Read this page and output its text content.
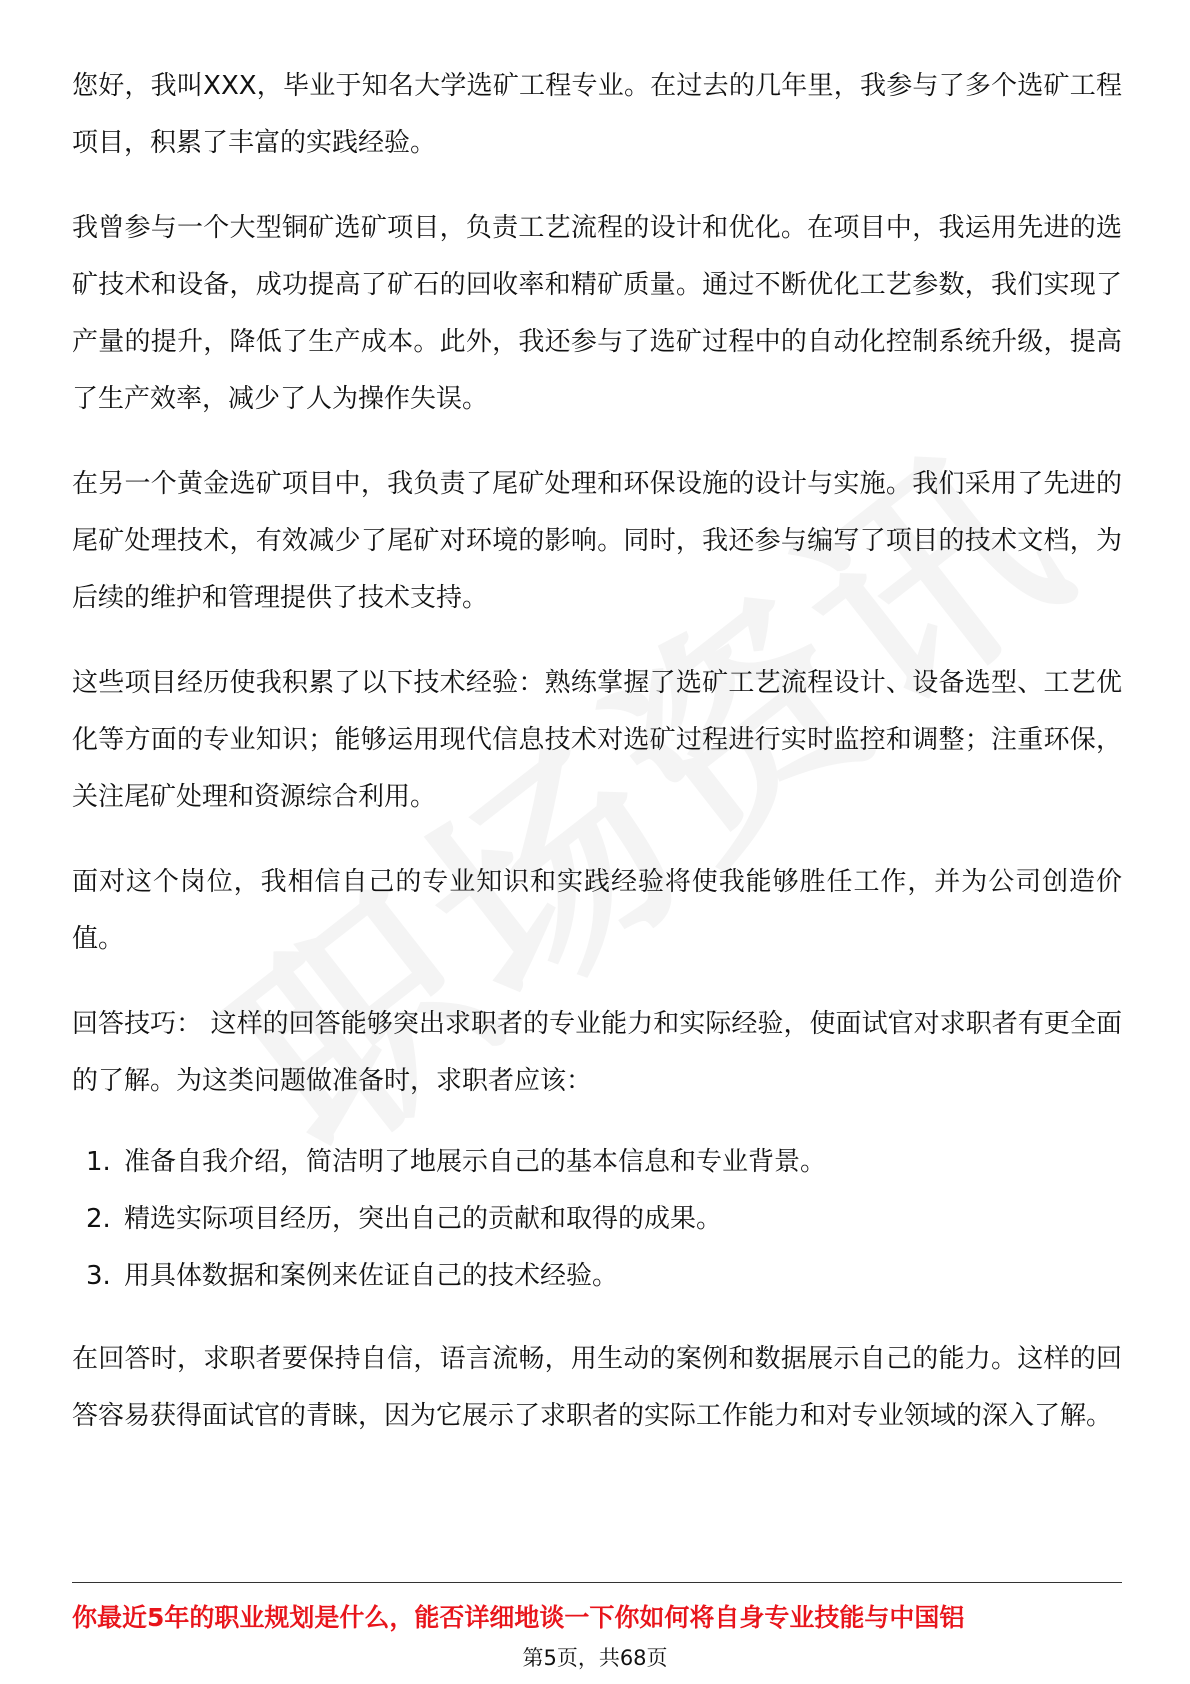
您好，我叫XXX，毕业于知名大学选矿工程专业。在过去的几年里，我参与了多个选矿工程项目，积累了丰富的实践经验。

我曾参与一个大型铜矿选矿项目，负责工艺流程的设计和优化。在项目中，我运用先进的选矿技术和设备，成功提高了矿石的回收率和精矿质量。通过不断优化工艺参数，我们实现了产量的提升，降低了生产成本。此外，我还参与了选矿过程中的自动化控制系统升级，提高了生产效率，减少了人为操作失误。

在另一个黄金选矿项目中，我负责了尾矿处理和环保设施的设计与实施。我们采用了先进的尾矿处理技术，有效减少了尾矿对环境的影响。同时，我还参与编写了项目的技术文档，为后续的维护和管理提供了技术支持。

这些项目经历使我积累了以下技术经验：熟练掌握了选矿工艺流程设计、设备选型、工艺优化等方面的专业知识；能够运用现代信息技术对选矿过程进行实时监控和调整；注重环保，关注尾矿处理和资源综合利用。

面对这个岗位，我相信自己的专业知识和实践经验将使我能够胜任工作，并为公司创造价值。

回答技巧： 这样的回答能够突出求职者的专业能力和实际经验，使面试官对求职者有更全面的了解。为这类问题做准备时，求职者应该：

1. 准备自我介绍，简洁明了地展示自己的基本信息和专业背景。
2. 精选实际项目经历，突出自己的贡献和取得的成果。
3. 用具体数据和案例来佐证自己的技术经验。

在回答时，求职者要保持自信，语言流畅，用生动的案例和数据展示自己的能力。这样的回答容易获得面试官的青睐，因为它展示了求职者的实际工作能力和对专业领域的深入了解。

你最近5年的职业规划是什么，能否详细地谈一下你如何将自身专业技能与中国铝
第5页，共68页
